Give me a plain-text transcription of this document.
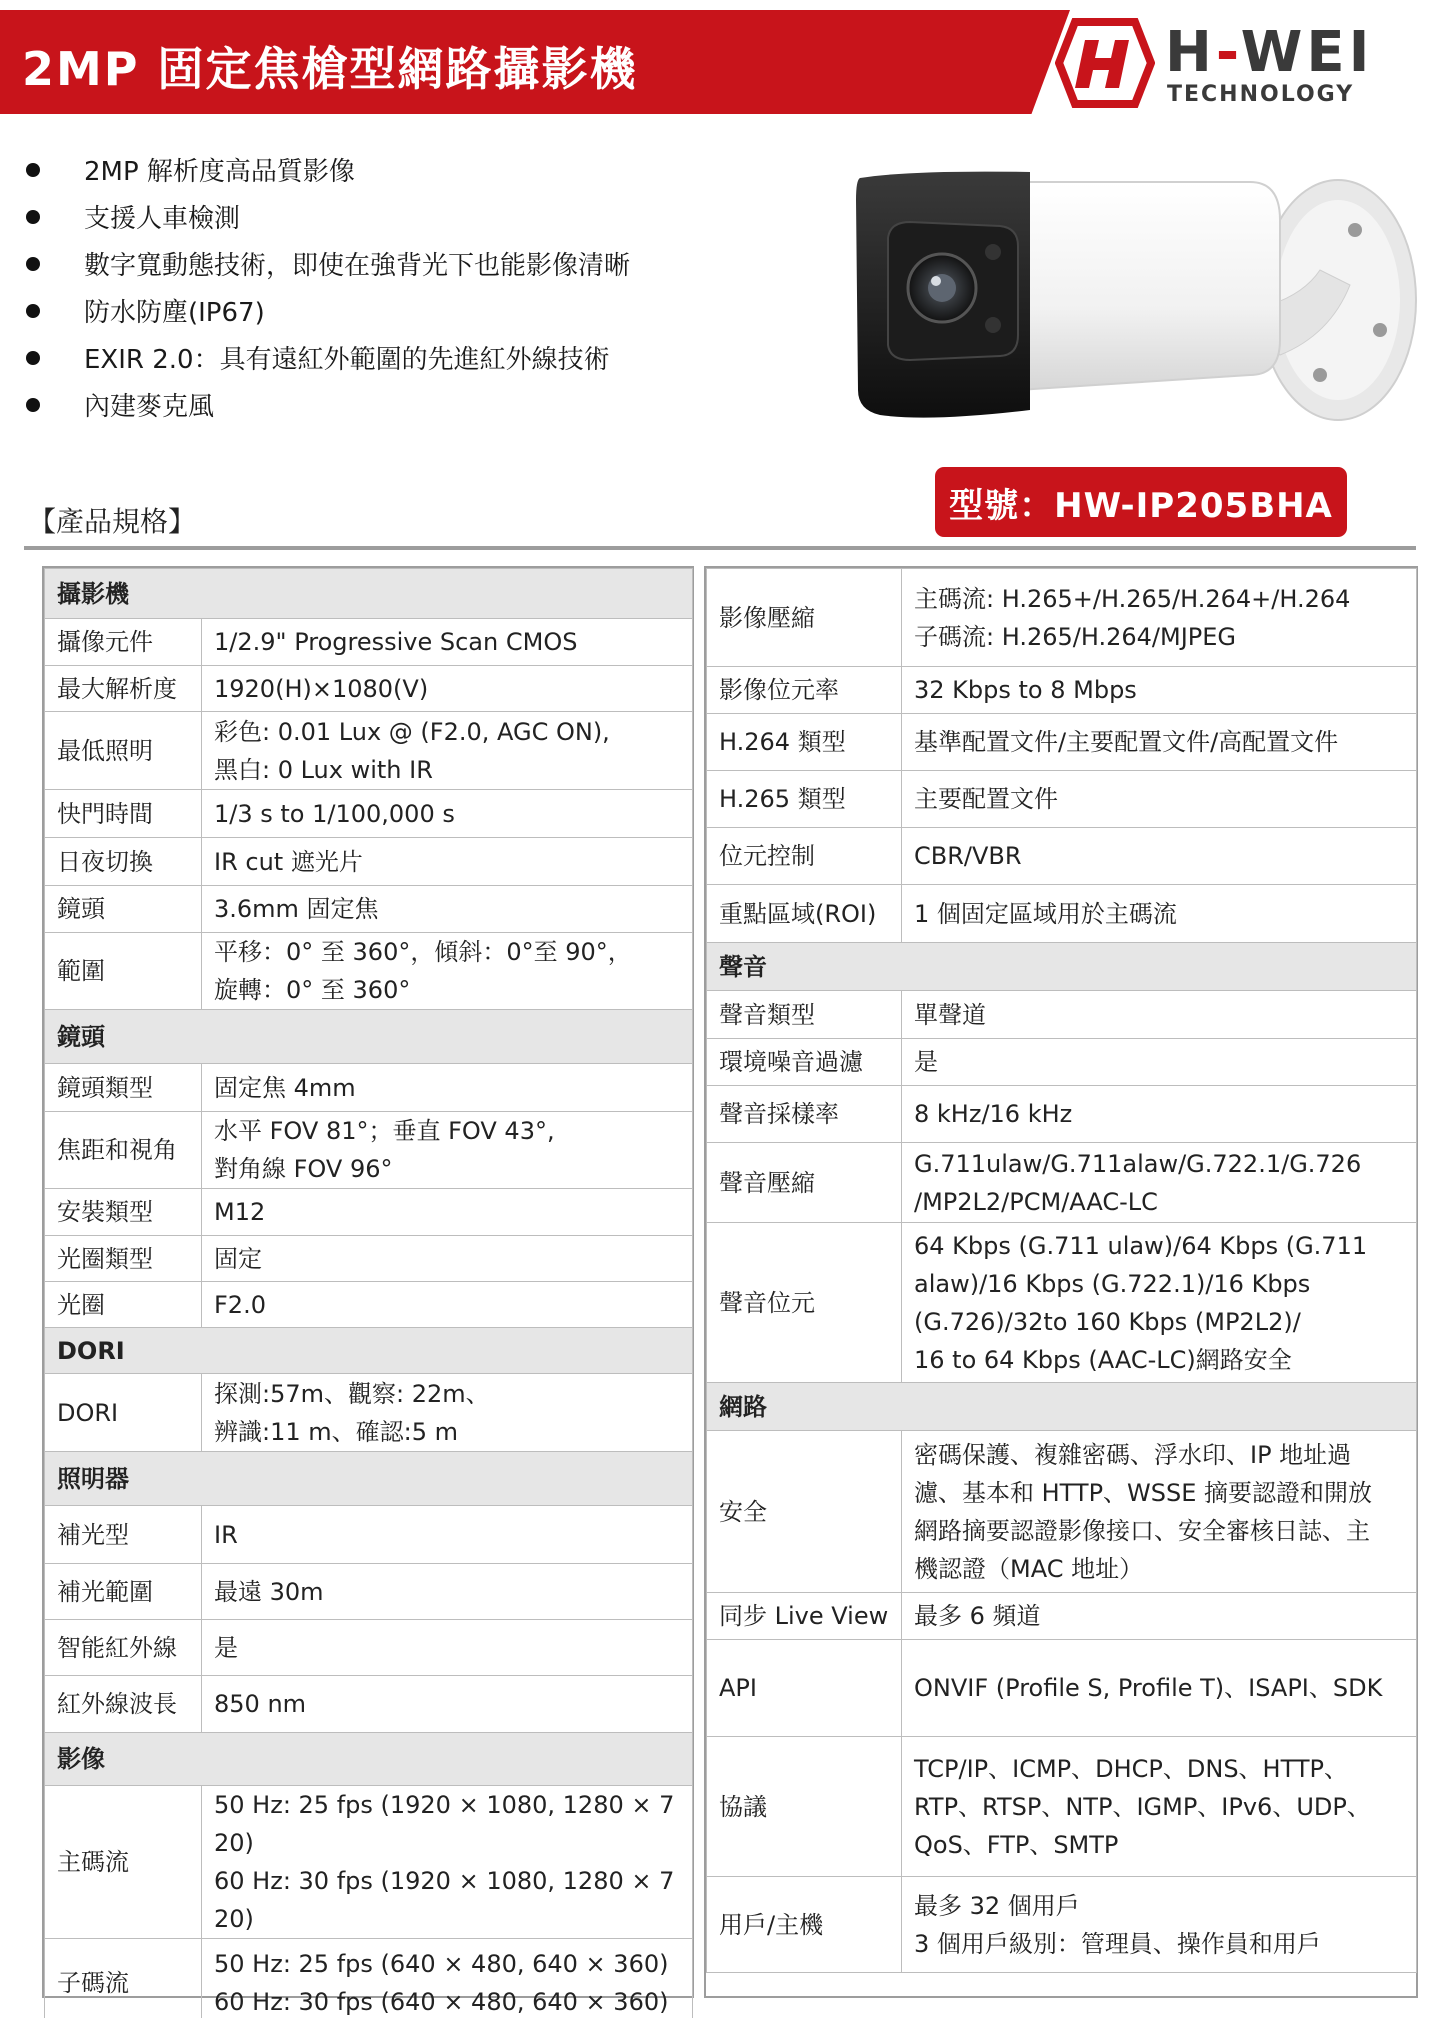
2MP 固定焦槍型網路攝影機	H-WEI
TECHNOLOGY
2MP 解析度高品質影像
支援人車檢測
數字寬動態技術，即使在強背光下也能影像清晰
防水防塵(IP67)
EXIR 2.0：具有遠紅外範圍的先進紅外線技術
內建麥克風
【產品規格】	型號：HW-IP205BHA
攝影機	
攝像元件	1/2.9" Progressive Scan CMOS

最大解析度	1920(H)×1080(V)

最低照明	彩色: 0.01 Lux @ (F2.0, AGC ON),
黑白: 0 Lux with IR

快門時間	1/3 s to 1/100,000 s

日夜切換	IR cut 遮光片

鏡頭	3.6mm 固定焦

範圍	平移：0° 至 360°，傾斜：0°至 90°，
旋轉：0° 至 360°

鏡頭	
鏡頭類型	固定焦 4mm

焦距和視角	水平 FOV 81°；垂直 FOV 43°,
對角線 FOV 96°

安裝類型	M12

光圈類型	固定

光圈	F2.0

DORI	
DORI	探測:57m、觀察: 22m、
辨識:11 m、確認:5 m

照明器	
補光型	IR

補光範圍	最遠 30m

智能紅外線	是

紅外線波長	850 nm

影像	
主碼流	50 Hz: 25 fps (1920 × 1080, 1280 × 720)
60 Hz: 30 fps (1920 × 1080, 1280 × 720)

子碼流	50 Hz: 25 fps (640 × 480, 640 × 360)
60 Hz: 30 fps (640 × 480, 640 × 360)
影像壓縮	主碼流: H.265+/H.265/H.264+/H.264
子碼流: H.265/H.264/MJPEG

影像位元率	32 Kbps to 8 Mbps

H.264 類型	基準配置文件/主要配置文件/高配置文件

H.265 類型	主要配置文件

位元控制	CBR/VBR

重點區域(ROI)	1 個固定區域用於主碼流

聲音	
聲音類型	單聲道

環境噪音過濾	是

聲音採樣率	8 kHz/16 kHz

聲音壓縮	G.711ulaw/G.711alaw/G.722.1/G.726
/MP2L2/PCM/AAC-LC

聲音位元	64 Kbps (G.711 ulaw)/64 Kbps (G.711
alaw)/16 Kbps (G.722.1)/16 Kbps
(G.726)/32to 160 Kbps (MP2L2)/
16 to 64 Kbps (AAC-LC)網路安全

網路	
安全	密碼保護、複雜密碼、浮水印、IP 地址過
濾、基本和 HTTP、WSSE 摘要認證和開放
網路摘要認證影像接口、安全審核日誌、主
機認證（MAC 地址）

同步 Live View	最多 6 頻道

API	ONVIF (Profile S, Profile T)、ISAPI、SDK

協議	TCP/IP、ICMP、DHCP、DNS、HTTP、
RTP、RTSP、NTP、IGMP、IPv6、UDP、
QoS、FTP、SMTP

用戶/主機	最多 32 個用戶
3 個用戶級別：管理員、操作員和用戶
